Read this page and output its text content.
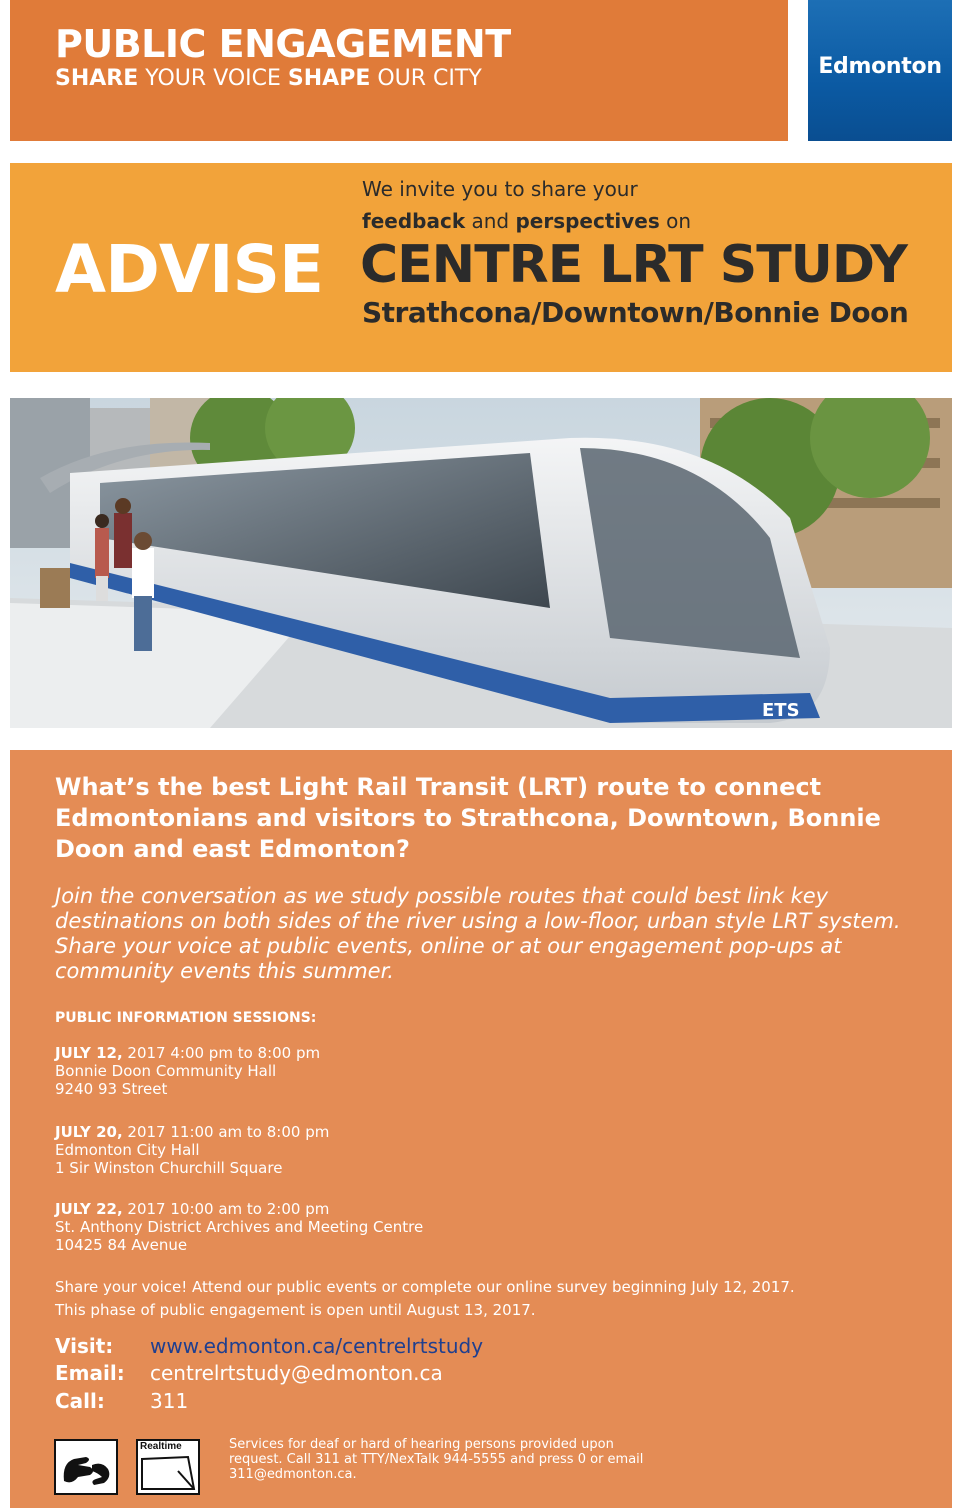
PUBLIC ENGAGEMENT
SHARE YOUR VOICE SHAPE OUR CITY	Edmonton
ADVISE
We invite you to share your
feedback and perspectives on
CENTRE LRT STUDY
Strathcona/Downtown/Bonnie Doon
ETS
What’s the best Light Rail Transit (LRT) route to connect Edmontonians and visitors to Strathcona, Downtown, Bonnie Doon and east Edmonton?
Join the conversation as we study possible routes that could best link key destinations on both sides of the river using a low-floor, urban style LRT system. Share your voice at public events, online or at our engagement pop-ups at community events this summer.
PUBLIC INFORMATION SESSIONS:
JULY 12, 2017 4:00 pm to 8:00 pm
Bonnie Doon Community Hall
9240 93 Street
JULY 20, 2017 11:00 am to 8:00 pm
Edmonton City Hall
1 Sir Winston Churchill Square
JULY 22, 2017 10:00 am to 2:00 pm
St. Anthony District Archives and Meeting Centre
10425 84 Avenue
Share your voice! Attend our public events or complete our online survey beginning July 12, 2017.
This phase of public engagement is open until August 13, 2017.
Visit: www.edmonton.ca/centrelrtstudy
Email: centrelrtstudy@edmonton.ca
Call: 311
Realtime	Services for deaf or hard of hearing persons provided upon request. Call 311 at TTY/NexTalk 944-5555 and press 0 or email 311@edmonton.ca.
